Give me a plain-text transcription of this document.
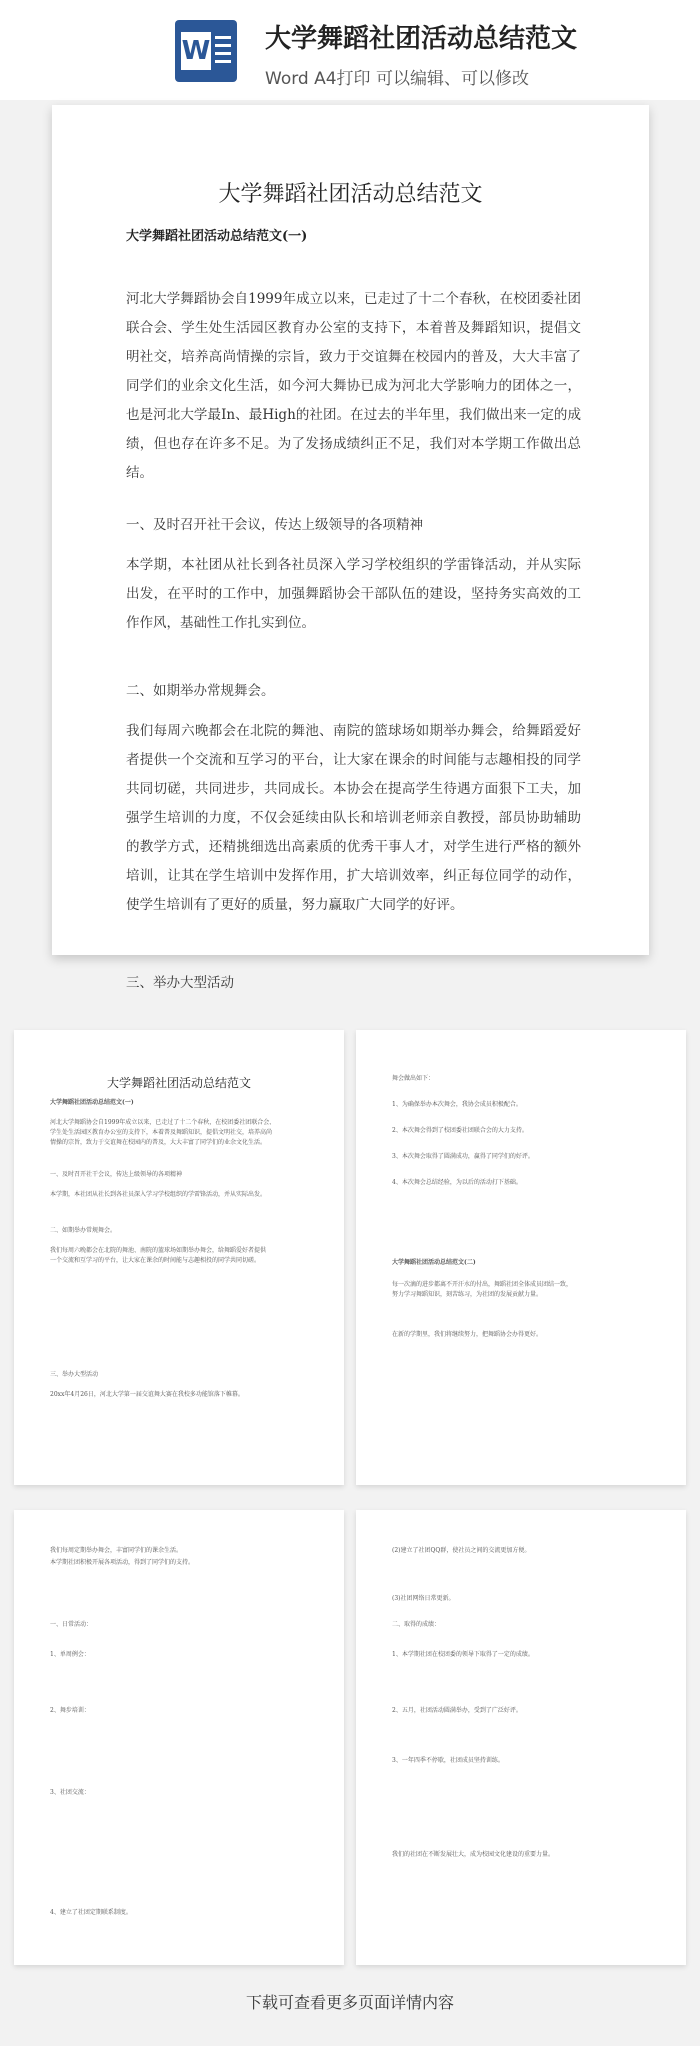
W 大学舞蹈社团活动总结范文
Word A4打印 可以编辑、可以修改
大学舞蹈社团活动总结范文
大学舞蹈社团活动总结范文(一)
河北大学舞蹈协会自1999年成立以来，已走过了十二个春秋，在校团委社团联合会、学生处生活园区教育办公室的支持下，本着普及舞蹈知识，提倡文明社交，培养高尚情操的宗旨，致力于交谊舞在校园内的普及，大大丰富了同学们的业余文化生活，如今河大舞协已成为河北大学影响力的团体之一，也是河北大学最In、最High的社团。在过去的半年里，我们做出来一定的成绩，但也存在许多不足。为了发扬成绩纠正不足，我们对本学期工作做出总结。
一、及时召开社干会议，传达上级领导的各项精神
本学期，本社团从社长到各社员深入学习学校组织的学雷锋活动，并从实际出发，在平时的工作中，加强舞蹈协会干部队伍的建设，坚持务实高效的工作作风，基础性工作扎实到位。
二、如期举办常规舞会。
我们每周六晚都会在北院的舞池、南院的篮球场如期举办舞会，给舞蹈爱好者提供一个交流和互学习的平台，让大家在课余的时间能与志趣相投的同学共同切磋，共同进步，共同成长。本协会在提高学生待遇方面狠下工夫，加强学生培训的力度，不仅会延续由队长和培训老师亲自教授，部员协助辅助的教学方式，还精挑细选出高素质的优秀干事人才，对学生进行严格的额外培训，让其在学生培训中发挥作用，扩大培训效率，纠正每位同学的动作，使学生培训有了更好的质量，努力赢取广大同学的好评。
三、举办大型活动
大学舞蹈社团活动总结范文
大学舞蹈社团活动总结范文(一)
河北大学舞蹈协会自1999年成立以来，已走过了十二个春秋，在校团委社团联合会、
学生处生活园区教育办公室的支持下，本着普及舞蹈知识，提倡文明社交，培养高尚
情操的宗旨，致力于交谊舞在校园内的普及，大大丰富了同学们的业余文化生活。
一、及时召开社干会议，传达上级领导的各项精神
本学期，本社团从社长到各社员深入学习学校组织的学雷锋活动，并从实际出发。
二、如期举办常规舞会。
我们每周六晚都会在北院的舞池、南院的篮球场如期举办舞会，给舞蹈爱好者提供
一个交流和互学习的平台，让大家在课余的时间能与志趣相投的同学共同切磋。
三、举办大型活动
20xx年4月26日，河北大学第一届交谊舞大赛在我校多功能馆落下帷幕。
舞会做出如下：
1、为确保举办本次舞会，我协会成员积极配合。
2、本次舞会得到了校团委社团联合会的大力支持。
3、本次舞会取得了圆满成功，赢得了同学们的好评。
4、本次舞会总结经验，为以后的活动打下基础。
大学舞蹈社团活动总结范文(二)
每一次滴的进步都离不开汗水的付出，舞蹈社团全体成员团结一致，
努力学习舞蹈知识，刻苦练习，为社团的发展贡献力量。
在新的学期里，我们将继续努力，把舞蹈协会办得更好。
一、日常活动：
1、单周例会：
2、舞步培训：
3、社团交流：
4、建立了社团定期联系制度。
我们每周定期举办舞会，丰富同学们的课余生活。
本学期社团积极开展各项活动，得到了同学们的支持。
(2)建立了社团QQ群，使社员之间的交流更加方便。
(3)社团网络日常更新。
二、取得的成绩：
1、本学期社团在校团委的领导下取得了一定的成绩。
2、五月，社团活动圆满举办，受到了广泛好评。
3、一年四季不停歇，社团成员坚持训练。
我们的社团在不断发展壮大，成为校园文化建设的重要力量。
下载可查看更多页面详情内容
